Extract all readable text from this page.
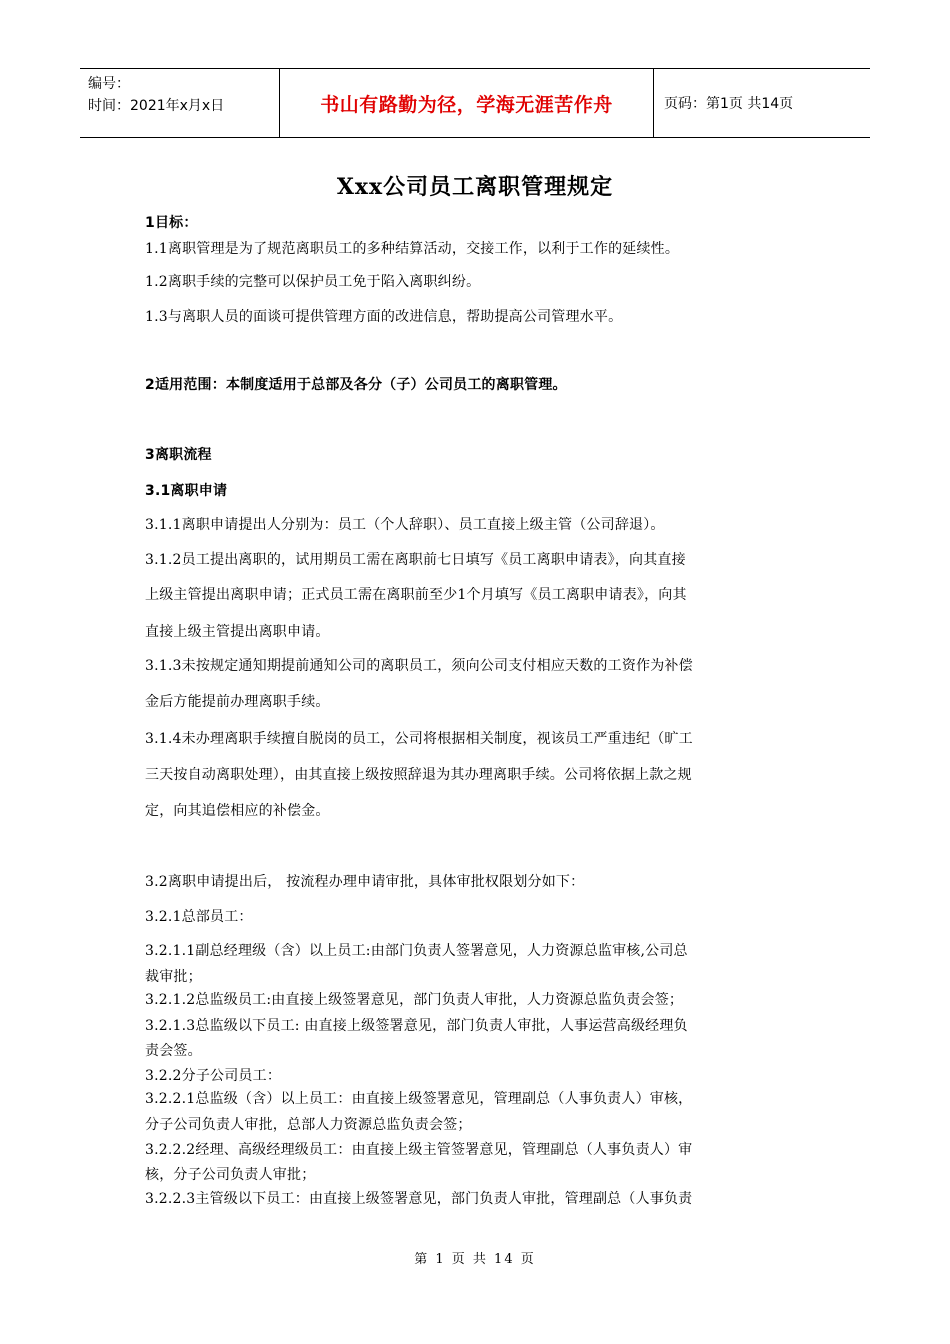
编号：
时间：2021年x月x日	书山有路勤为径，学海无涯苦作舟	页码：第1页 共14页
Xxx公司员工离职管理规定
1目标：
1.1离职管理是为了规范离职员工的多种结算活动，交接工作，以利于工作的延续性。
1.2离职手续的完整可以保护员工免于陷入离职纠纷。
1.3与离职人员的面谈可提供管理方面的改进信息，帮助提高公司管理水平。
2适用范围：本制度适用于总部及各分（子）公司员工的离职管理。
3离职流程
3.1离职申请
3.1.1离职申请提出人分别为：员工（个人辞职）、员工直接上级主管（公司辞退）。
3.1.2员工提出离职的，试用期员工需在离职前七日填写《员工离职申请表》，向其直接
上级主管提出离职申请；正式员工需在离职前至少1个月填写《员工离职申请表》，向其
直接上级主管提出离职申请。
3.1.3未按规定通知期提前通知公司的离职员工，须向公司支付相应天数的工资作为补偿
金后方能提前办理离职手续。
3.1.4未办理离职手续擅自脱岗的员工，公司将根据相关制度，视该员工严重违纪（旷工
三天按自动离职处理），由其直接上级按照辞退为其办理离职手续。公司将依据上款之规
定，向其追偿相应的补偿金。
3.2离职申请提出后， 按流程办理申请审批，具体审批权限划分如下：
3.2.1总部员工：
3.2.1.1副总经理级（含）以上员工:由部门负责人签署意见，人力资源总监审核,公司总
裁审批；
3.2.1.2总监级员工:由直接上级签署意见，部门负责人审批，人力资源总监负责会签；
3.2.1.3总监级以下员工: 由直接上级签署意见，部门负责人审批，人事运营高级经理负
责会签。
3.2.2分子公司员工：
3.2.2.1总监级（含）以上员工：由直接上级签署意见，管理副总（人事负责人）审核，
分子公司负责人审批，总部人力资源总监负责会签；
3.2.2.2经理、高级经理级员工：由直接上级主管签署意见，管理副总（人事负责人）审
核，分子公司负责人审批；
3.2.2.3主管级以下员工：由直接上级签署意见，部门负责人审批，管理副总（人事负责
第 1 页 共 14 页
